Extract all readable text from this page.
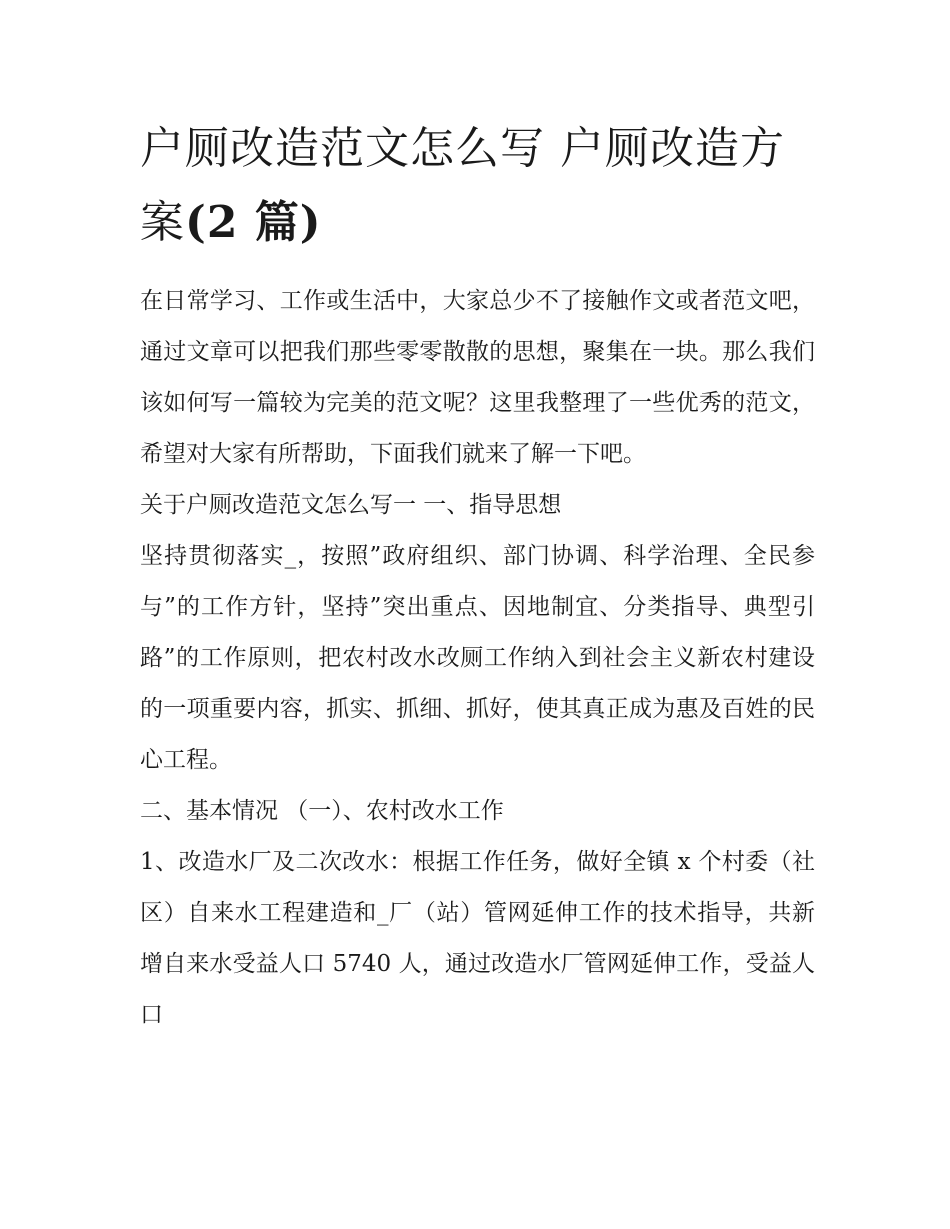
户厕改造范文怎么写 户厕改造方案(2 篇)

在日常学习、工作或生活中，大家总少不了接触作文或者范文吧，通过文章可以把我们那些零零散散的思想，聚集在一块。那么我们该如何写一篇较为完美的范文呢？这里我整理了一些优秀的范文，希望对大家有所帮助，下面我们就来了解一下吧。

关于户厕改造范文怎么写一 一、指导思想

坚持贯彻落实_，按照”政府组织、部门协调、科学治理、全民参与”的工作方针，坚持”突出重点、因地制宜、分类指导、典型引路”的工作原则，把农村改水改厕工作纳入到社会主义新农村建设的一项重要内容，抓实、抓细、抓好，使其真正成为惠及百姓的民心工程。

二、基本情况 （一）、农村改水工作

1、改造水厂及二次改水：根据工作任务，做好全镇 x 个村委（社区）自来水工程建造和_厂（站）管网延伸工作的技术指导，共新增自来水受益人口 5740 人，通过改造水厂管网延伸工作，受益人口
